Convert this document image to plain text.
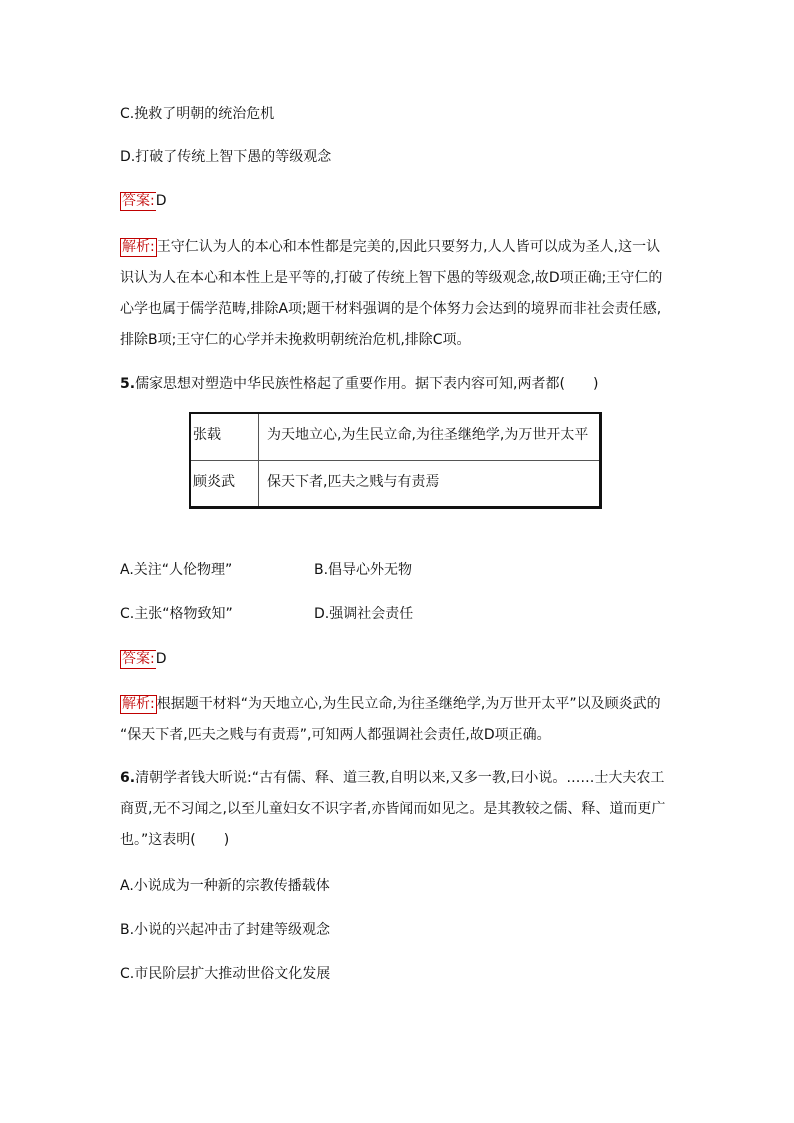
C.挽救了明朝的统治危机
D.打破了传统上智下愚的等级观念
答案:D
解析: 王守仁认为人的本心和本性都是完美的,因此只要努力,人人皆可以成为圣人,这一认
识认为人在本心和本性上是平等的,打破了传统上智下愚的等级观念,故D项正确;王守仁的
心学也属于儒学范畴,排除A项;题干材料强调的是个体努力会达到的境界而非社会责任感,
排除B项;王守仁的心学并未挽救明朝统治危机,排除C项。
5.儒家思想对塑造中华民族性格起了重要作用。据下表内容可知,两者都(　　)
张载	为天地立心,为生民立命,为往圣继绝学,为万世开太平
顾炎武	保天下者,匹夫之贱与有责焉
A.关注“人伦物理”	B.倡导心外无物
C.主张“格物致知”	D.强调社会责任
答案:D
解析: 根据题干材料“为天地立心,为生民立命,为往圣继绝学,为万世开太平”以及顾炎武的
“保天下者,匹夫之贱与有责焉”,可知两人都强调社会责任,故D项正确。
6.清朝学者钱大昕说:“古有儒、释、道三教,自明以来,又多一教,曰小说。……士大夫农工
商贾,无不习闻之,以至儿童妇女不识字者,亦皆闻而如见之。是其教较之儒、释、道而更广
也。”这表明(　　)
A.小说成为一种新的宗教传播载体
B.小说的兴起冲击了封建等级观念
C.市民阶层扩大推动世俗文化发展
